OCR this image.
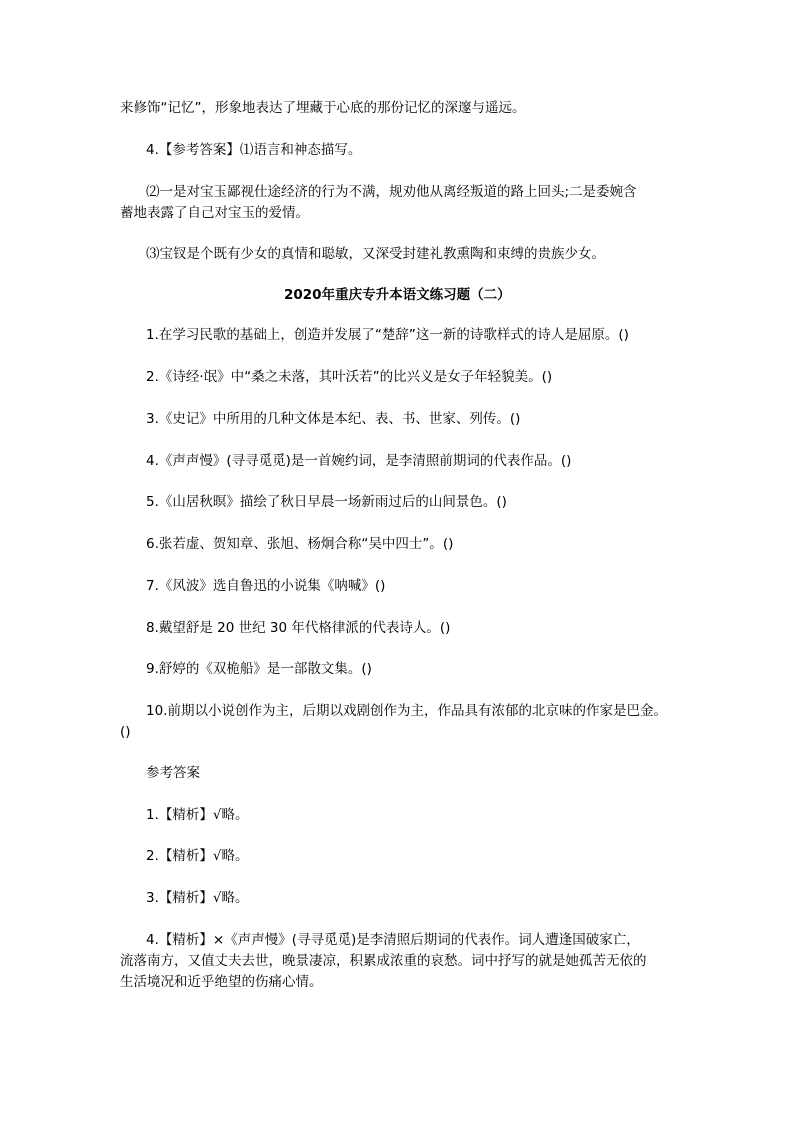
来修饰“记忆”，形象地表达了埋藏于心底的那份记忆的深邃与遥远。
4.【参考答案】⑴语言和神态描写。
⑵一是对宝玉鄙视仕途经济的行为不满，规劝他从离经叛道的路上回头;二是委婉含
蓄地表露了自己对宝玉的爱情。
⑶宝钗是个既有少女的真情和聪敏，又深受封建礼教熏陶和束缚的贵族少女。
2020年重庆专升本语文练习题（二）
1.在学习民歌的基础上，创造并发展了“楚辞”这一新的诗歌样式的诗人是屈原。()
2.《诗经·氓》中“桑之未落，其叶沃若”的比兴义是女子年轻貌美。()
3.《史记》中所用的几种文体是本纪、表、书、世家、列传。()
4.《声声慢》(寻寻觅觅)是一首婉约词，是李清照前期词的代表作品。()
5.《山居秋暝》描绘了秋日早晨一场新雨过后的山间景色。()
6.张若虚、贺知章、张旭、杨炯合称“吴中四士”。()
7.《风波》选自鲁迅的小说集《呐喊》()
8.戴望舒是 20 世纪 30 年代格律派的代表诗人。()
9.舒婷的《双桅船》是一部散文集。()
10.前期以小说创作为主，后期以戏剧创作为主，作品具有浓郁的北京味的作家是巴金。
()
参考答案
1.【精析】√略。
2.【精析】√略。
3.【精析】√略。
4.【精析】×《声声慢》(寻寻觅觅)是李清照后期词的代表作。词人遭逢国破家亡，
流落南方，又值丈夫去世，晚景凄凉，积累成浓重的哀愁。词中抒写的就是她孤苦无依的
生活境况和近乎绝望的伤痛心情。
